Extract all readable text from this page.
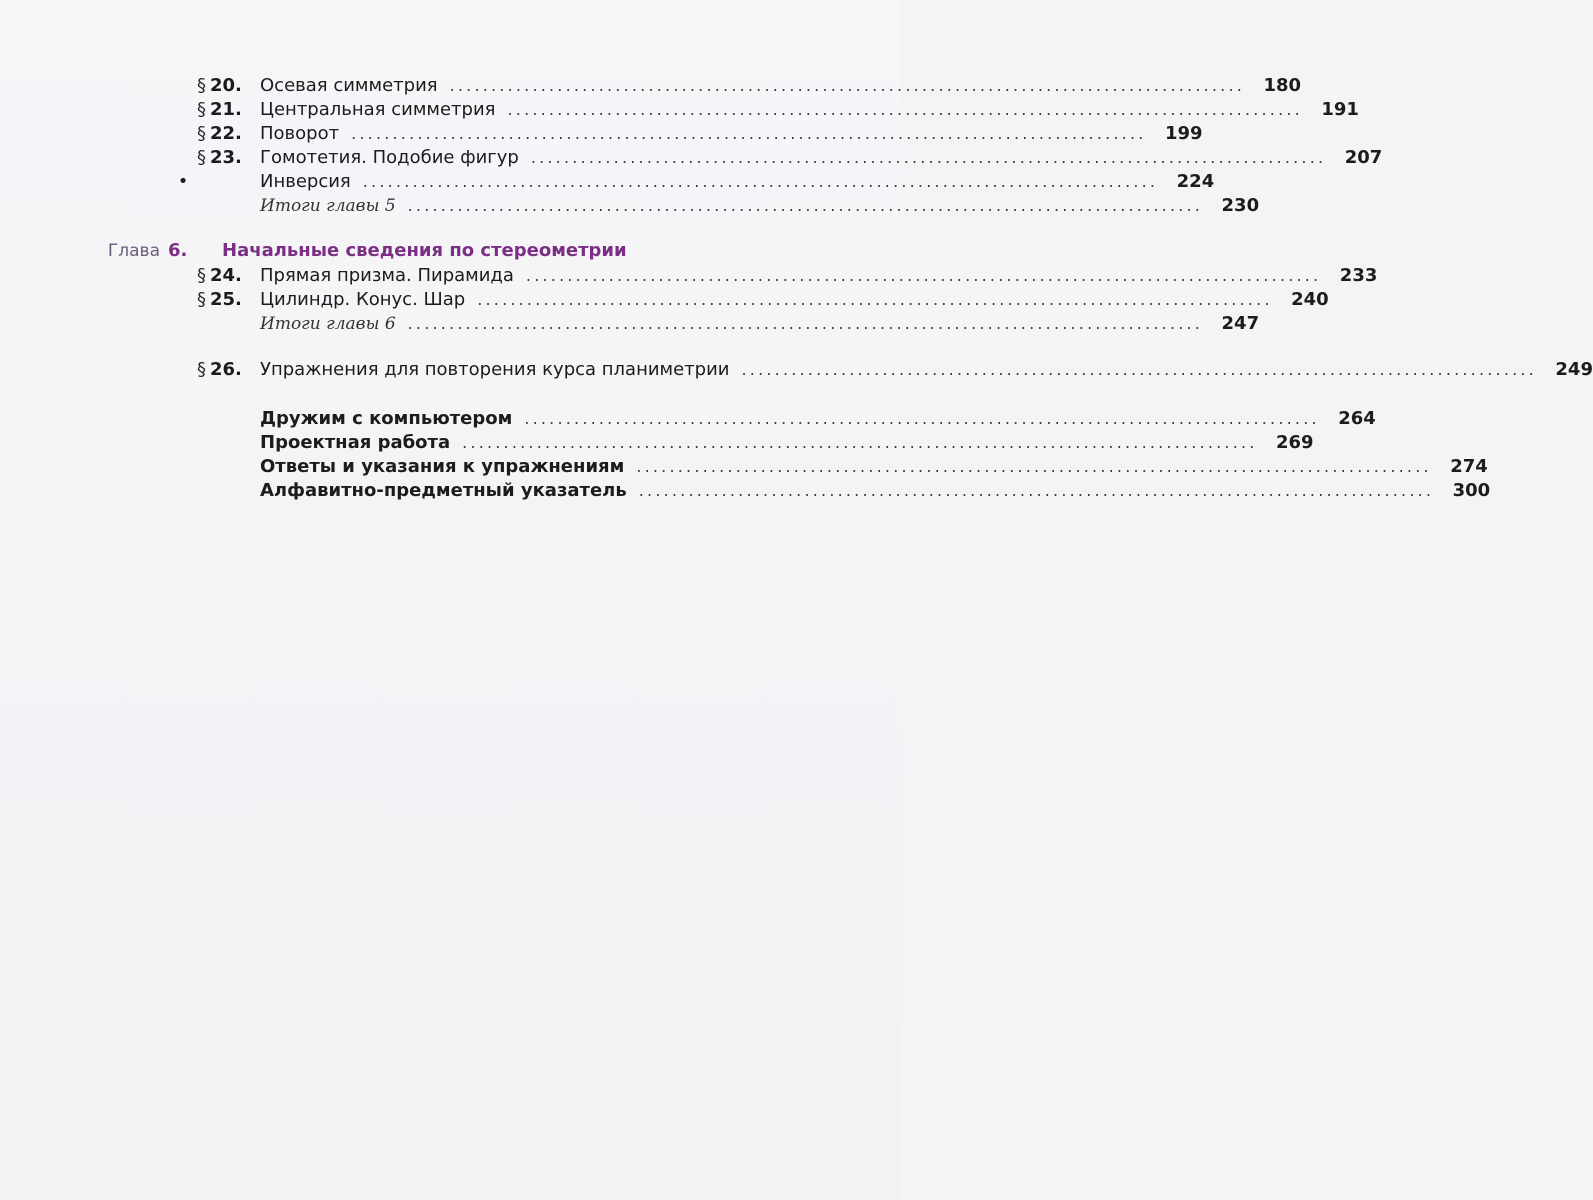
§ 20.	Осевая симметрия ................................................................................................ 180
§ 21.	Центральная симметрия ................................................................................................ 191
§ 22.	Поворот ................................................................................................ 199
§ 23.	Гомотетия. Подобие фигур ................................................................................................ 207
•	Инверсия ................................................................................................ 224
Итоги главы 5 ................................................................................................ 230
Глава 6.	Начальные сведения по стереометрии
§ 24.	Прямая призма. Пирамида ................................................................................................ 233
§ 25.	Цилиндр. Конус. Шар ................................................................................................ 240
Итоги главы 6 ................................................................................................ 247
§ 26.	Упражнения для повторения курса планиметрии ................................................................................................ 249
Дружим с компьютером ................................................................................................ 264
Проектная работа ................................................................................................ 269
Ответы и указания к упражнениям ................................................................................................ 274
Алфавитно-предметный указатель ................................................................................................ 300
